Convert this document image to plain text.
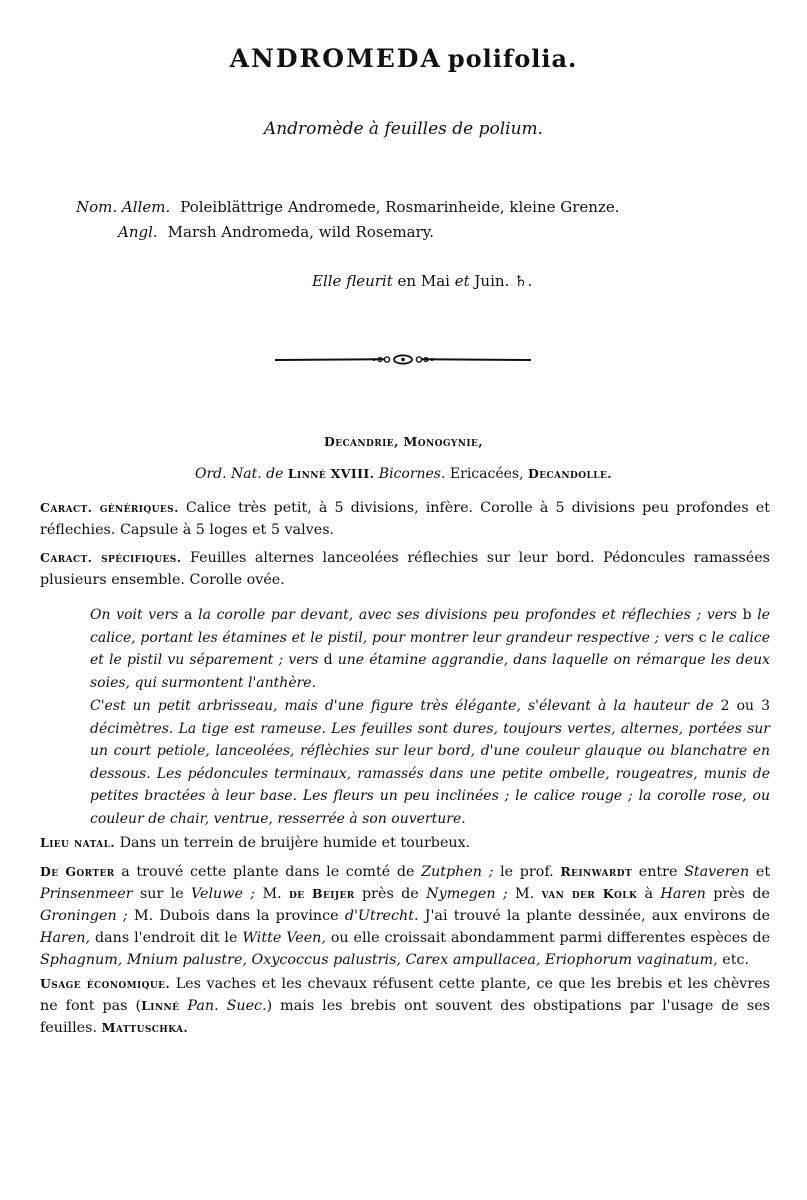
ANDROMEDA polifolia.
Andromède à feuilles de polium.
Nom. Allem. Poleiblättrige Andromede, Rosmarinheide, kleine Grenze.
Angl. Marsh Andromeda, wild Rosemary.
Elle fleurit en Mai et Juin. ♄.
Decandrie, Monogynie,
Ord. Nat. de Linné XVIII. Bicornes. Ericacées, Decandolle.
Caract. génériques. Calice très petit, à 5 divisions, infère. Corolle à 5 divisions peu profondes et réflechies. Capsule à 5 loges et 5 valves.
Caract. spécifiques. Feuilles alternes lanceolées réflechies sur leur bord. Pédoncules ramassées plusieurs ensemble. Corolle ovée.
On voit vers a la corolle par devant, avec ses divisions peu profondes et réflechies ; vers b le calice, portant les étamines et le pistil, pour montrer leur grandeur respective ; vers c le calice et le pistil vu séparement ; vers d une étamine aggrandie, dans laquelle on rémarque les deux soies, qui surmontent l'anthère.
C'est un petit arbrisseau, mais d'une figure très élégante, s'élevant à la hauteur de 2 ou 3 décimètres. La tige est rameuse. Les feuilles sont dures, toujours vertes, alternes, portées sur un court petiole, lanceolées, réflèchies sur leur bord, d'une couleur glauque ou blanchatre en dessous. Les pédoncules terminaux, ramassés dans une petite ombelle, rougeatres, munis de petites bractées à leur base. Les fleurs un peu inclinées ; le calice rouge ; la corolle rose, ou couleur de chair, ventrue, resserrée à son ouverture.
Lieu natal. Dans un terrein de bruijère humide et tourbeux.
De Gorter a trouvé cette plante dans le comté de Zutphen ; le prof. Reinwardt entre Staveren et Prinsenmeer sur le Veluwe ; M. de Beijer près de Nymegen ; M. van der Kolk à Haren près de Groningen ; M. Dubois dans la province d'Utrecht. J'ai trouvé la plante dessinée, aux environs de Haren, dans l'endroit dit le Witte Veen, ou elle croissait abondamment parmi differentes espèces de Sphagnum, Mnium palustre, Oxycoccus palustris, Carex ampullacea, Eriophorum vaginatum, etc.
Usage économique. Les vaches et les chevaux réfusent cette plante, ce que les brebis et les chèvres ne font pas (Linné Pan. Suec.) mais les brebis ont souvent des obstipations par l'usage de ses feuilles. Mattuschka.
